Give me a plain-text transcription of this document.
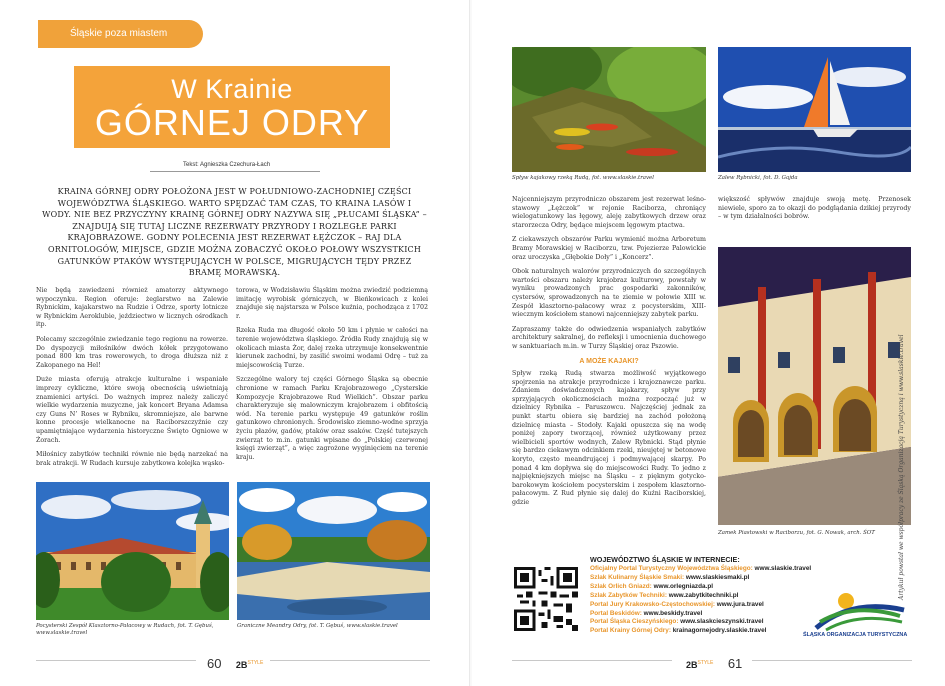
Śląskie poza miastem
W Krainie
GÓRNEJ ODRY
Tekst: Agnieszka Czechura-Łach
KRAINA GÓRNEJ ODRY POŁOŻONA JEST W POŁUDNIOWO-ZACHODNIEJ CZĘŚCI WOJEWÓDZTWA ŚLĄSKIEGO. WARTO SPĘDZAĆ TAM CZAS, TO KRAINA LASÓW I WODY. NIE BEZ PRZYCZYNY KRAINĘ GÓRNEJ ODRY NAZYWA SIĘ „PŁUCAMI ŚLĄSKA” – ZNAJDUJĄ SIĘ TUTAJ LICZNE REZERWATY PRZYRODY I ROZLEGŁE PARKI KRAJOBRAZOWE. GODNY POLECENIA JEST REZERWAT ŁĘŻCZOK – RAJ DLA ORNITOLOGÓW, MIEJSCE, GDZIE MOŻNA ZOBACZYĆ OKOŁO POŁOWY WSZYSTKICH GATUNKÓW PTAKÓW WYSTĘPUJĄCYCH W POLSCE, MIGRUJĄCYCH TĘDY PRZEZ BRAMĘ MORAWSKĄ.

Nie będą zawiedzeni również amatorzy aktywnego wypoczynku. Region oferuje: żeglarstwo na Zalewie Rybnickim, kajakarstwo na Rudzie i Odrze, sporty lotnicze w Rybnickim Aeroklubie, jeździectwo w licznych ośrodkach itp.

Polecamy szczególnie zwiedzanie tego regionu na rowerze. Do dyspozycji miłośników dwóch kółek przygotowano ponad 800 km tras rowerowych, to droga dłuższa niż z Zakopanego na Hel!

Duże miasta oferują atrakcje kulturalne i wspaniałe imprezy cykliczne, które swoją obecnością uświetniają znamienici artyści. Do ważnych imprez należy zaliczyć wielkie wydarzenia muzyczne, jak koncert Bryana Adamsa czy Guns N’ Roses w Rybniku, skromniejsze, ale barwne konne procesje wielkanocne na Raciborszczyźnie czy upamiętniające wydarzenia historyczne Święto Ogniowe w Żorach.

Miłośnicy zabytków techniki równie nie będą narzekać na brak atrakcji. W Rudach kursuje zabytkowa kolejka wąsko-

torowa, w Wodzisławiu Śląskim można zwiedzić podziemną imitację wyrobisk górniczych, w Bieńkowicach z kolei znajduje się najstarsza w Polsce kuźnia, pochodząca z 1702 r.

Rzeka Ruda ma długość około 50 km i płynie w całości na terenie województwa śląskiego. Źródła Rudy znajdują się w okolicach miasta Żor, dalej rzeka utrzymuje konsekwentnie kierunek zachodni, by zasilić swoimi wodami Odrę – tuż za miejscowością Turze.

Szczególne walory tej części Górnego Śląska są obecnie chronione w ramach Parku Krajobrazowego „Cysterskie Kompozycje Krajobrazowe Rud Wielkich”. Obszar parku charakteryzuje się malowniczym krajobrazem i obfitością wód. Na terenie parku występuje 49 gatunków roślin gatunkowo chronionych. Środowisko ziemno-wodne sprzyja życiu płazów, gadów, ptaków oraz ssaków. Część tutejszych zwierząt to m.in. gatunki wpisane do „Polskiej czerwonej księgi zwierząt”, a więc zagrożone wyginięciem na terenie kraju.

Pocysterski Zespół Klasztorno-Pałacowy w Rudach, fot. T. Gębuś, www.slaskie.travel
Graniczne Meandry Odry, fot. T. Gębuś, www.slaskie.travel
60 $2B^{STYLE}$
Spływ kajakowy rzeką Rudą, fot. www.slaskie.travel	Zalew Rybnicki, fot. D. Gajda

Najcenniejszym przyrodniczo obszarem jest rezerwat leśno-stawowy „Łężczok” w rejonie Raciborza, chroniący wielogatunkowy las łęgowy, aleję zabytkowych drzew oraz starorzecza Odry, będące miejscem lęgowym ptactwa.

Z ciekawszych obszarów Parku wymienić można Arboretum Bramy Morawskiej w Raciborzu, tzw. Pojezierze Palowickie oraz uroczyska „Głębokie Doły” i „Koncerz”.

Obok naturalnych walorów przyrodniczych do szczególnych wartości obszaru należy krajobraz kulturowy, powstały w wyniku prowadzonych prac gospodarki zakonników, cystersów, sprowadzonych na te ziemie w połowie XIII w. Zespół klasztorno-pałacowy wraz z pocysterskim, XIII-wiecznym kościołem stanowi najcenniejszy zabytek parku.

Zapraszamy także do odwiedzenia wspaniałych zabytków architektury sakralnej, do refleksji i umocnienia duchowego w sanktuariach m.in. w Turzy Śląskiej oraz Pszowie.

A MOŻE KAJAKI?

Spływ rzeką Rudą stwarza możliwość wyjątkowego spojrzenia na atrakcje przyrodnicze i krajoznawcze parku. Zdaniem doświadczonych kajakarzy, spływ przy sprzyjających okolicznościach można rozpocząć już w dzielnicy Rybnika – Paruszowcu. Najczęściej jednak za punkt startu obiera się bardziej na zachód położoną dzielnicę miasta – Stodoły. Kajaki opuszcza się na wodę poniżej zapory tworzącej, również użytkowany przez wielbicieli sportów wodnych, Zalew Rybnicki. Stąd płynie się bardzo ciekawym odcinkiem rzeki, nieujętej w betonowe koryto, często meandrującej i podmywającej skarpy. Po ponad 4 km dopływa się do miejscowości Rudy. To jedno z najpiękniejszych miejsc na Śląsku – z pięknym gotycko-barokowym kościołem pocysterskim i zespołem klasztorno-pałacowym. Z Rud płynie się dalej do Kuźni Raciborskiej, gdzie

większość spływów znajduje swoją metę. Przenosek niewiele, sporo za to okazji do podglądania dzikiej przyrody – w tym działalności bobrów.

Zamek Piastowski w Raciborzu, fot. G. Nowak, arch. ŚOT
WOJEWÓDZTWO ŚLĄSKIE W INTERNECIE:
Oficjalny Portal Turystyczny Województwa Śląskiego: www.slaskie.travel
Szlak Kulinarny Śląskie Smaki: www.slaskiesmaki.pl
Szlak Orlich Gniazd: www.orlegniazda.pl
Szlak Zabytków Techniki: www.zabytkitechniki.pl
Portal Jury Krakowsko-Częstochowskiej: www.jura.travel
Portal Beskidów: www.beskidy.travel
Portal Śląska Cieszyńskiego: www.slaskcieszynski.travel
Portal Krainy Górnej Odry: krainagornejodry.slaskie.travel
ŚLĄSKA ORGANIZACJA TURYSTYCZNA
Artykuł powstał we współpracy ze Śląską Organizacją Turystyczną i www.slaskie.travel
$2B^{STYLE}$ 61
